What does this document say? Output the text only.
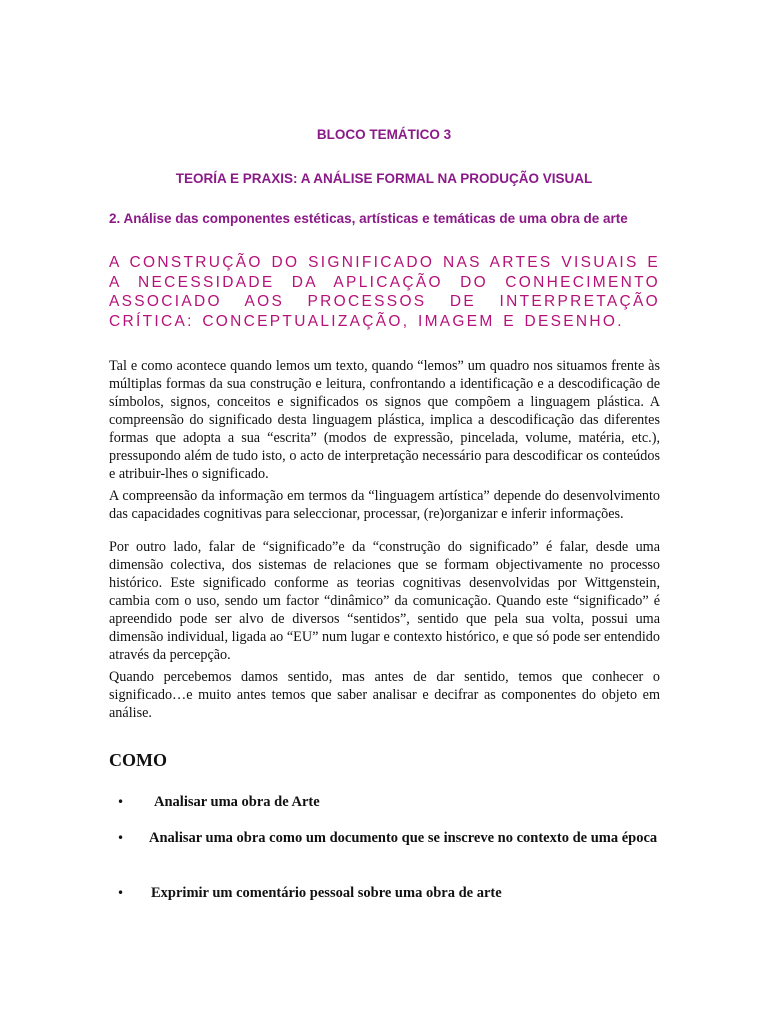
BLOCO TEMÁTICO 3
TEORÍA E PRAXIS: A ANÁLISE FORMAL NA PRODUÇÃO VISUAL
2. Análise das componentes estéticas, artísticas e temáticas de uma obra de arte
A CONSTRUÇÃO DO SIGNIFICADO NAS ARTES VISUAIS E A NECESSIDADE DA APLICAÇÃO DO CONHECIMENTO ASSOCIADO AOS PROCESSOS DE INTERPRETAÇÃO CRÍTICA: CONCEPTUALIZAÇÃO, IMAGEM E DESENHO.

Tal e como acontece quando lemos um texto, quando “lemos” um quadro nos situamos frente às múltiplas formas da sua construção e leitura, confrontando a identificação e a descodificação de símbolos, signos, conceitos e significados os signos que compõem a linguagem plástica. A compreensão do significado desta linguagem plástica, implica a descodificação das diferentes formas que adopta a sua “escrita” (modos de expressão, pincelada, volume, matéria, etc.), pressupondo além de tudo isto, o acto de interpretação necessário para descodificar os conteúdos e atribuir-lhes o significado.

A compreensão da informação em termos da “linguagem artística” depende do desenvolvimento das capacidades cognitivas para seleccionar, processar, (re)organizar e inferir informações.

Por outro lado, falar de “significado”e da “construção do significado” é falar, desde uma dimensão colectiva, dos sistemas de relaciones que se formam objectivamente no processo histórico. Este significado conforme as teorias cognitivas desenvolvidas por Wittgenstein, cambia com o uso, sendo um factor “dinâmico” da comunicação. Quando este “significado” é apreendido pode ser alvo de diversos “sentidos”, sentido que pela sua volta, possui uma dimensão individual, ligada ao “EU” num lugar e contexto histórico, e que só pode ser entendido através da percepção.

Quando percebemos damos sentido, mas antes de dar sentido, temos que conhecer o significado…e muito antes temos que saber analisar e decifrar as componentes do objeto em análise.

COMO
• Analisar uma obra de Arte
• Analisar uma obra como um documento que se inscreve no contexto de uma época
• Exprimir um comentário pessoal sobre uma obra de arte
